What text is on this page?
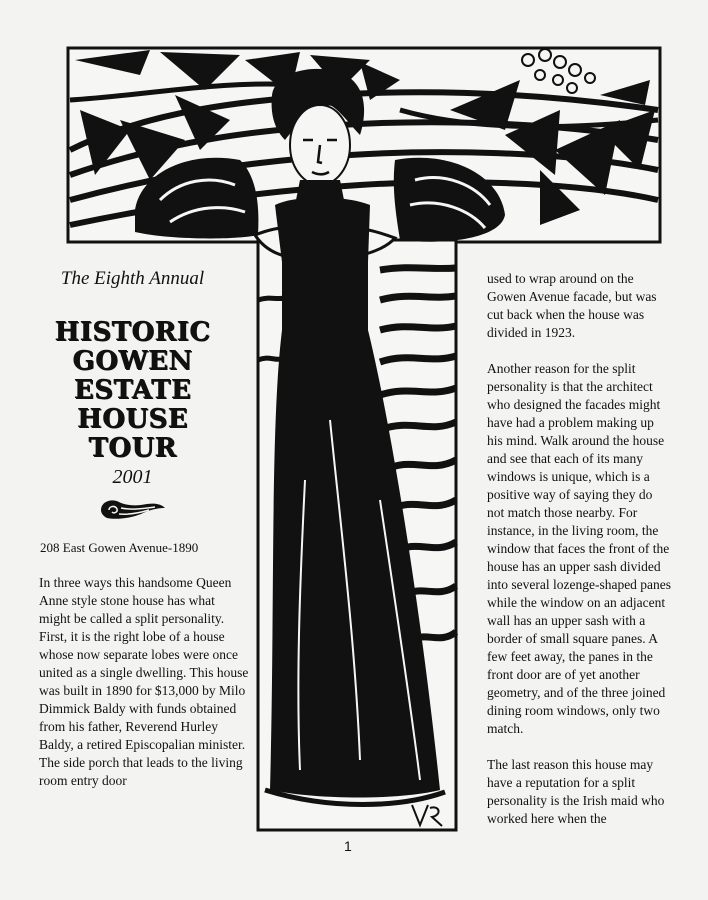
The Eighth Annual
HISTORIC
GOWEN
ESTATE
HOUSE TOUR
2001
208 East Gowen Avenue-1890

In three ways this handsome Queen Anne style stone house has what might be called a split personality. First, it is the right lobe of a house whose now separate lobes were once united as a single dwelling. This house was built in 1890 for $13,000 by Milo Dimmick Baldy with funds obtained from his father, Reverend Hurley Baldy, a retired Episcopalian minister. The side porch that leads to the living room entry door

used to wrap around on the Gowen Avenue facade, but was cut back when the house was divided in 1923.

Another reason for the split personality is that the architect who designed the facades might have had a problem making up his mind. Walk around the house and see that each of its many windows is unique, which is a positive way of saying they do not match those nearby. For instance, in the living room, the window that faces the front of the house has an upper sash divided into several lozenge-shaped panes while the window on an adjacent wall has an upper sash with a border of small square panes. A few feet away, the panes in the front door are of yet another geometry, and of the three joined dining room windows, only two match.

The last reason this house may have a reputation for a split personality is the Irish maid who worked here when the

1
